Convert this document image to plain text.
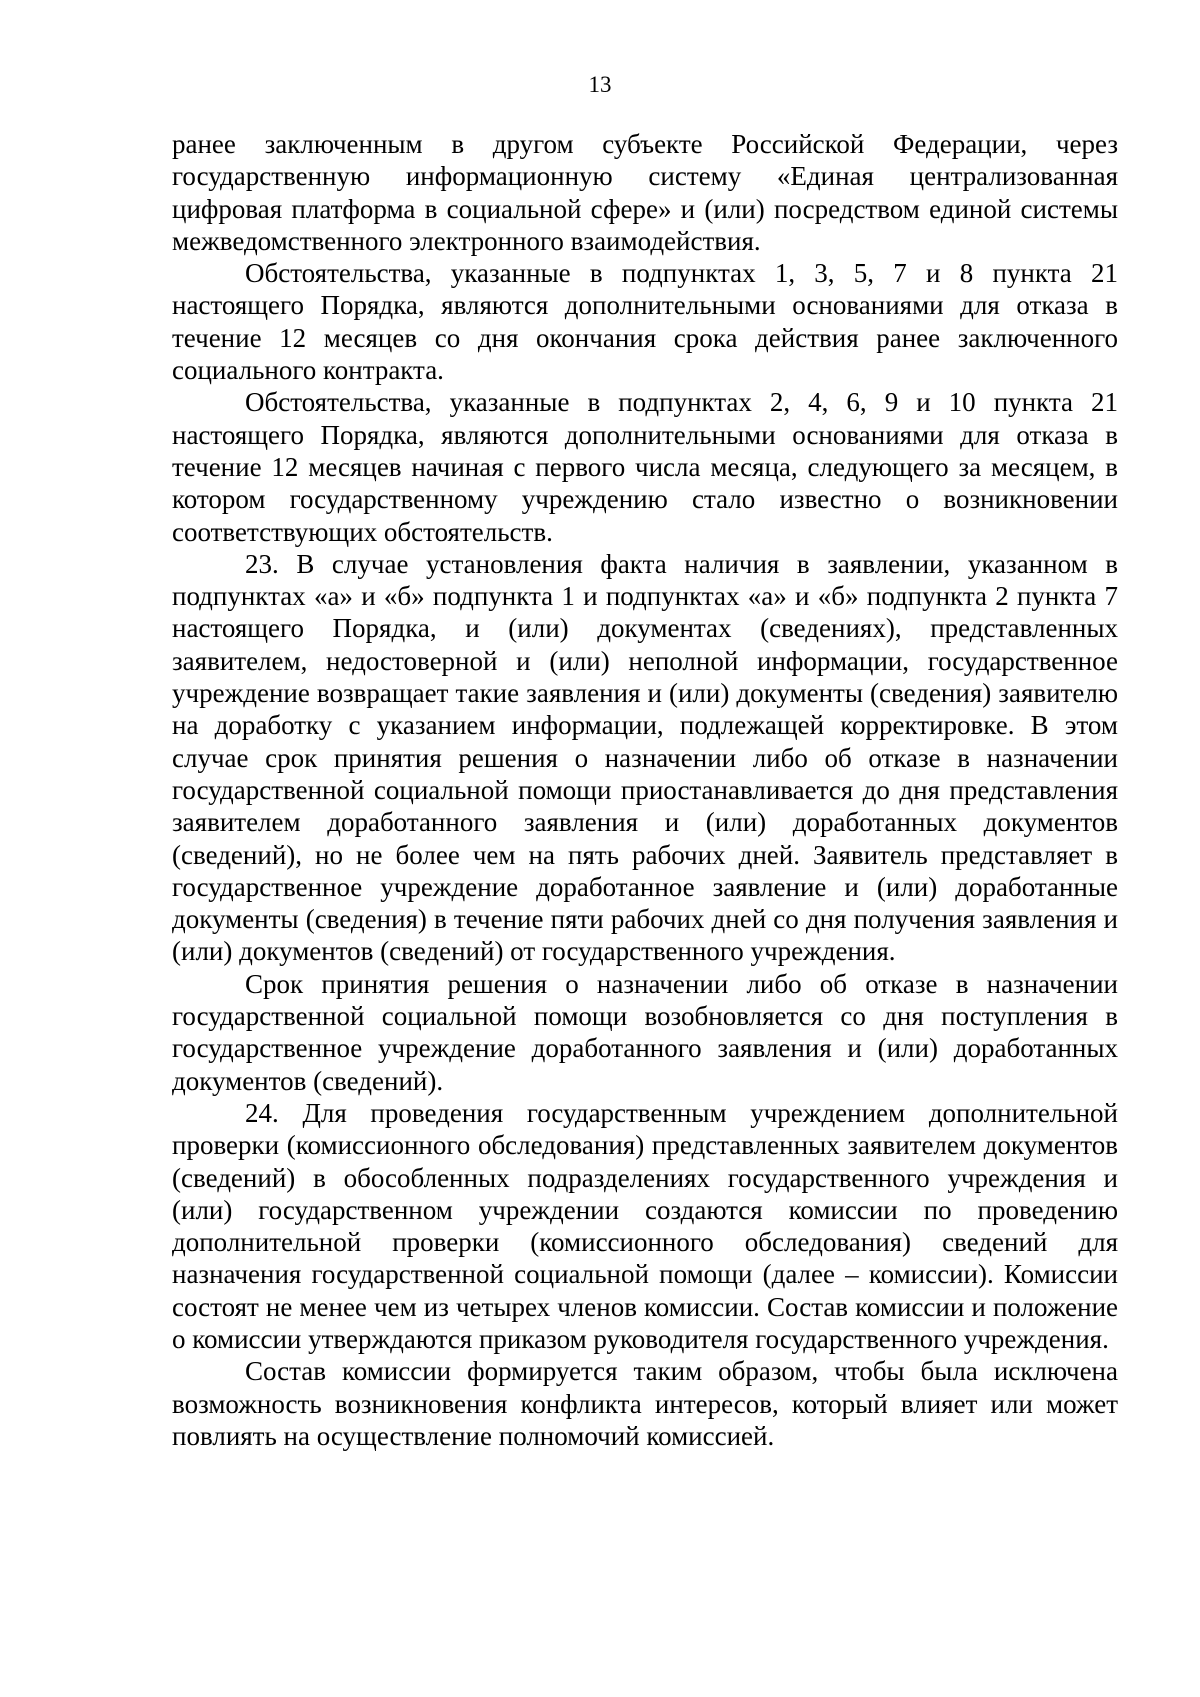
13

ранее заключенным в другом субъекте Российской Федерации, через государственную информационную систему «Единая централизованная цифровая платформа в социальной сфере» и (или) посредством единой системы межведомственного электронного взаимодействия.

Обстоятельства, указанные в подпунктах 1, 3, 5, 7 и 8 пункта 21 настоящего Порядка, являются дополнительными основаниями для отказа в течение 12 месяцев со дня окончания срока действия ранее заключенного социального контракта.

Обстоятельства, указанные в подпунктах 2, 4, 6, 9 и 10 пункта 21 настоящего Порядка, являются дополнительными основаниями для отказа в течение 12 месяцев начиная с первого числа месяца, следующего за месяцем, в котором государственному учреждению стало известно о возникновении соответствующих обстоятельств.

23. В случае установления факта наличия в заявлении, указанном в подпунктах «а» и «б» подпункта 1 и подпунктах «а» и «б» подпункта 2 пункта 7 настоящего Порядка, и (или) документах (сведениях), представленных заявителем, недостоверной и (или) неполной информации, государственное учреждение возвращает такие заявления и (или) документы (сведения) заявителю на доработку с указанием информации, подлежащей корректировке. В этом случае срок принятия решения о назначении либо об отказе в назначении государственной социальной помощи приостанавливается до дня представления заявителем доработанного заявления и (или) доработанных документов (сведений), но не более чем на пять рабочих дней. Заявитель представляет в государственное учреждение доработанное заявление и (или) доработанные документы (сведения) в течение пяти рабочих дней со дня получения заявления и (или) документов (сведений) от государственного учреждения.

Срок принятия решения о назначении либо об отказе в назначении государственной социальной помощи возобновляется со дня поступления в государственное учреждение доработанного заявления и (или) доработанных документов (сведений).

24. Для проведения государственным учреждением дополнительной проверки (комиссионного обследования) представленных заявителем документов (сведений) в обособленных подразделениях государственного учреждения и (или) государственном учреждении создаются комиссии по проведению дополнительной проверки (комиссионного обследования) сведений для назначения государственной социальной помощи (далее – комиссии). Комиссии состоят не менее чем из четырех членов комиссии. Состав комиссии и положение о комиссии утверждаются приказом руководителя государственного учреждения.

Состав комиссии формируется таким образом, чтобы была исключена возможность возникновения конфликта интересов, который влияет или может повлиять на осуществление полномочий комиссией.
